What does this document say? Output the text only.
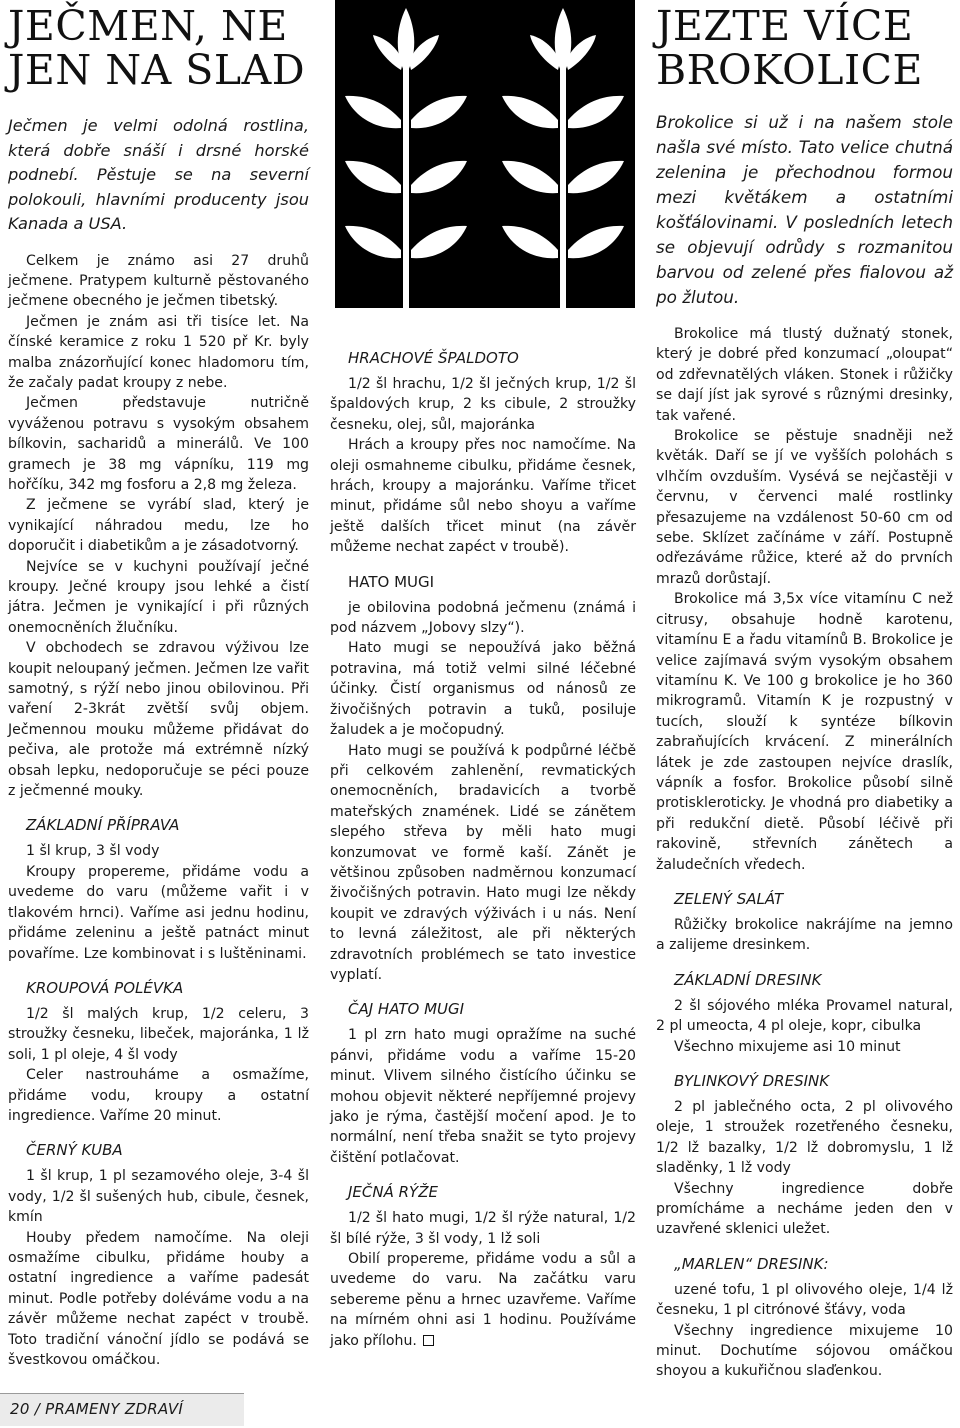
JEČMEN, NE JEN NA SLAD

Ječmen je velmi odolná rostlina, která dobře snáší i drsné horské podnebí. Pěstuje se na severní polokouli, hlavními producenty jsou Kanada a USA.

Celkem je známo asi 27 druhů ječmene. Pratypem kulturně pěstovaného ječmene obecného je ječmen tibetský.

Ječmen je znám asi tři tisíce let. Na čínské keramice z roku 1 520 př Kr. byly malba znázorňující konec hladomoru tím, že začaly padat kroupy z nebe.

Ječmen představuje nutričně vyváženou potravu s vysokým obsahem bílkovin, sacharidů a minerálů. Ve 100 gramech je 38 mg vápníku, 119 mg hořčíku, 342 mg fosforu a 2,8 mg železa.

Z ječmene se vyrábí slad, který je vynikající náhradou medu, lze ho doporučit i diabetikům a je zásadotvorný.

Nejvíce se v kuchyni používají ječné kroupy. Ječné kroupy jsou lehké a čistí játra. Ječmen je vynikající i při různých onemocněních žlučníku.

V obchodech se zdravou výživou lze koupit neloupaný ječmen. Ječmen lze vařit samotný, s rýží nebo jinou obilovinou. Při vaření 2-3krát zvětší svůj objem. Ječmennou mouku můžeme přidávat do pečiva, ale protože má extrémně nízký obsah lepku, nedoporučuje se péci pouze z ječmenné mouky.

ZÁKLADNÍ PŘÍPRAVA

1 šl krup, 3 šl vody

Kroupy propereme, přidáme vodu a uvedeme do varu (můžeme vařit i v tlakovém hrnci). Vaříme asi jednu hodinu, přidáme zeleninu a ještě patnáct minut povaříme. Lze kombinovat i s luštěninami.

KROUPOVÁ POLÉVKA

1/2 šl malých krup, 1/2 celeru, 3 stroužky česneku, libeček, majoránka, 1 lž soli, 1 pl oleje, 4 šl vody

Celer nastrouháme a osmažíme, přidáme vodu, kroupy a ostatní ingredience. Vaříme 20 minut.

ČERNÝ KUBA

1 šl krup, 1 pl sezamového oleje, 3-4 šl vody, 1/2 šl sušených hub, cibule, česnek, kmín

Houby předem namočíme. Na oleji osmažíme cibulku, přidáme houby a ostatní ingredience a vaříme padesát minut. Podle potřeby doléváme vodu a na závěr můžeme nechat zapéct v troubě. Toto tradiční vánoční jídlo se podává se švestkovou omáčkou.

HRACHOVÉ ŠPALDOTO

1/2 šl hrachu, 1/2 šl ječných krup, 1/2 šl špaldových krup, 2 ks cibule, 2 stroužky česneku, olej, sůl, majoránka

Hrách a kroupy přes noc namočíme. Na oleji osmahneme cibulku, přidáme česnek, hrách, kroupy a majoránku. Vaříme třicet minut, přidáme sůl nebo shoyu a vaříme ještě dalších třicet minut (na závěr můžeme nechat zapéct v troubě).

HATO MUGI

je obilovina podobná ječmenu (známá i pod názvem „Jobovy slzy“).

Hato mugi se nepoužívá jako běžná potravina, má totiž velmi silné léčebné účinky. Čistí organismus od nánosů ze živočišných potravin a tuků, posiluje žaludek a je močopudný.

Hato mugi se používá k podpůrné léčbě při celkovém zahlenění, revmatických onemocněních, bradavicích a tvorbě mateřských znamének. Lidé se zánětem slepého střeva by měli hato mugi konzumovat ve formě kaší. Zánět je většinou způsoben nadměrnou konzumací živočišných potravin. Hato mugi lze někdy koupit ve zdravých výživách i u nás. Není to levná záležitost, ale při některých zdravotních problémech se tato investice vyplatí.

ČAJ HATO MUGI

1 pl zrn hato mugi opražíme na suché pánvi, přidáme vodu a vaříme 15-20 minut. Vlivem silného čistícího účinku se mohou objevit některé nepříjemné projevy jako je rýma, častější močení apod. Je to normální, není třeba snažit se tyto projevy čištění potlačovat.

JEČNÁ RÝŽE

1/2 šl hato mugi, 1/2 šl rýže natural, 1/2 šl bílé rýže, 3 šl vody, 1 lž soli

Obilí propereme, přidáme vodu a sůl a uvedeme do varu. Na začátku varu sebereme pěnu a hrnec uzavřeme. Vaříme na mírném ohni asi 1 hodinu. Používáme jako přílohu.

JEZTE VÍCE BROKOLICE

Brokolice si už i na našem stole našla své místo. Tato velice chutná zelenina je přechodnou formou mezi květákem a ostatními košťálovinami. V posledních letech se objevují odrůdy s rozmanitou barvou od zelené přes fialovou až po žlutou.

Brokolice má tlustý dužnatý stonek, který je dobré před konzumací „oloupat“ od zdřevnatělých vláken. Stonek i růžičky se dají jíst jak syrové s různými dresinky, tak vařené.

Brokolice se pěstuje snadněji než květák. Daří se jí ve vyšších polohách s vlhčím ovzduším. Vysévá se nejčastěji v červnu, v červenci malé rostlinky přesazujeme na vzdálenost 50-60 cm od sebe. Sklízet začínáme v září. Postupně odřezáváme růžice, které až do prvních mrazů dorůstají.

Brokolice má 3,5x více vitamínu C než citrusy, obsahuje hodně karotenu, vitamínu E a řadu vitamínů B. Brokolice je velice zajímavá svým vysokým obsahem vitamínu K. Ve 100 g brokolice je ho 360 mikrogramů. Vitamín K je rozpustný v tucích, slouží k syntéze bílkovin zabraňujících krvácení. Z minerálních látek je zde zastoupen nejvíce draslík, vápník a fosfor. Brokolice působí silně protiskleroticky. Je vhodná pro diabetiky a při redukční dietě. Působí léčivě při rakovině, střevních zánětech a žaludečních vředech.

ZELENÝ SALÁT

Růžičky brokolice nakrájíme na jemno a zalijeme dresinkem.

ZÁKLADNÍ DRESINK

2 šl sójového mléka Provamel natural, 2 pl umeocta, 4 pl oleje, kopr, cibulka

Všechno mixujeme asi 10 minut

BYLINKOVÝ DRESINK

2 pl jablečného octa, 2 pl olivového oleje, 1 stroužek rozetřeného česneku, 1/2 lž bazalky, 1/2 lž dobromyslu, 1 lž sladěnky, 1 lž vody

Všechny ingredience dobře promícháme a necháme jeden den v uzavřené sklenici uležet.

„MARLEN“ DRESINK:

uzené tofu, 1 pl olivového oleje, 1/4 lž česneku, 1 pl citrónové šťávy, voda

Všechny ingredience mixujeme 10 minut. Dochutíme sójovou omáčkou shoyou a kukuřičnou slaďenkou.

20 / PRAMENY ZDRAVÍ
